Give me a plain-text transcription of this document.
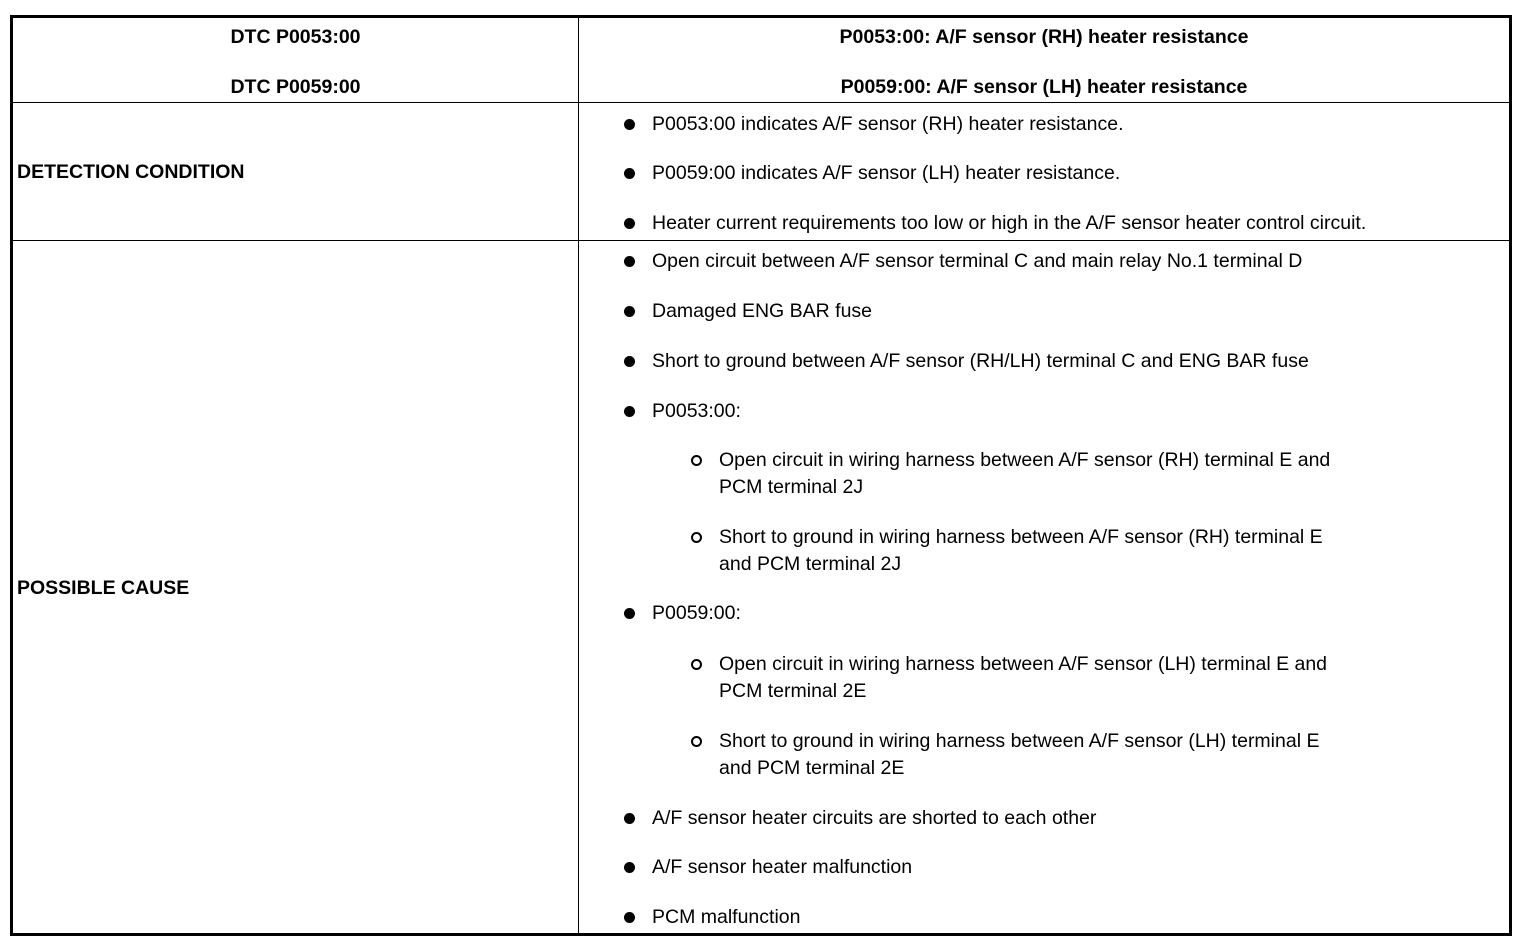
DTC P0053:00
DTC P0059:00
P0053:00: A/F sensor (RH) heater resistance
P0059:00: A/F sensor (LH) heater resistance
DETECTION CONDITION
P0053:00 indicates A/F sensor (RH) heater resistance.
P0059:00 indicates A/F sensor (LH) heater resistance.
Heater current requirements too low or high in the A/F sensor heater control circuit.
POSSIBLE CAUSE
Open circuit between A/F sensor terminal C and main relay No.1 terminal D
Damaged ENG BAR fuse
Short to ground between A/F sensor (RH/LH) terminal C and ENG BAR fuse
P0053:00:
Open circuit in wiring harness between A/F sensor (RH) terminal E and
PCM terminal 2J
Short to ground in wiring harness between A/F sensor (RH) terminal E
and PCM terminal 2J
P0059:00:
Open circuit in wiring harness between A/F sensor (LH) terminal E and
PCM terminal 2E
Short to ground in wiring harness between A/F sensor (LH) terminal E
and PCM terminal 2E
A/F sensor heater circuits are shorted to each other
A/F sensor heater malfunction
PCM malfunction
